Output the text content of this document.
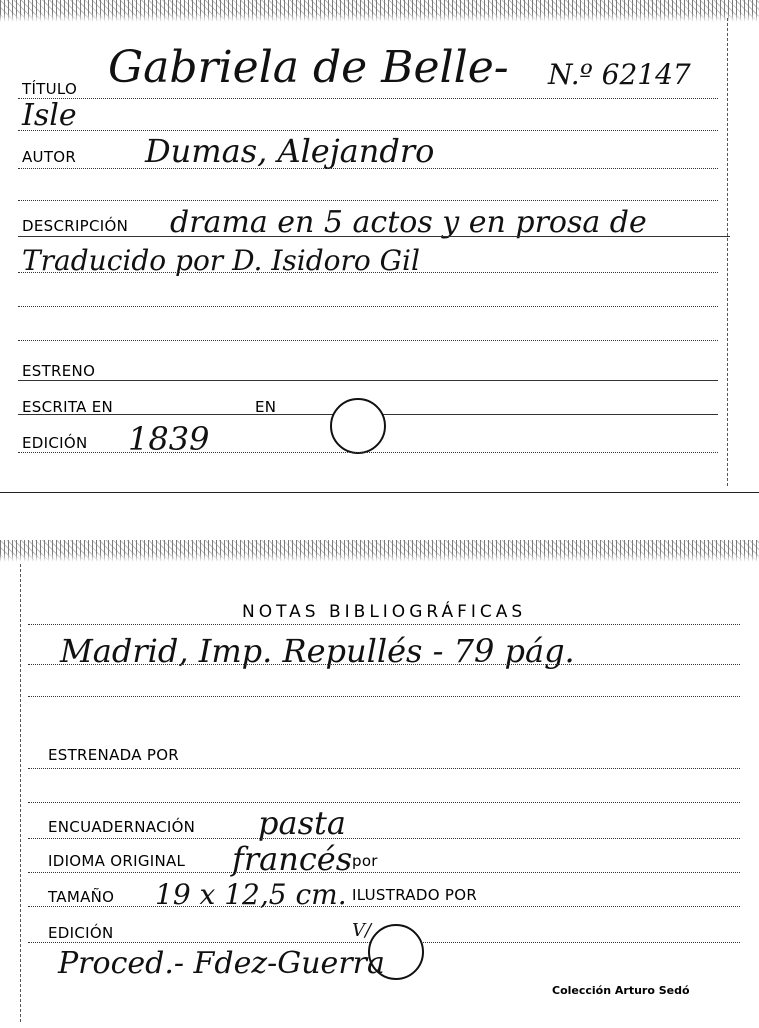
TÍTULO Gabriela de Belle- N.º 62147
Isle
AUTOR Dumas, Alejandro
DESCRIPCIÓN drama en 5 actos y en prosa de
Traducido por D. Isidoro Gil
ESTRENO
ESCRITA EN	EN
EDICIÓN 1839
NOTAS BIBLIOGRÁFICAS
Madrid, Imp. Repullés - 79 pág.
ESTRENADA POR
ENCUADERNACIÓN pasta
IDIOMA ORIGINAL francés por
TAMAÑO 19 x 12,5 cm. ILUSTRADO POR
EDICIÓN	V/
Proced.- Fdez-Guerra
Colección Arturo Sedó
